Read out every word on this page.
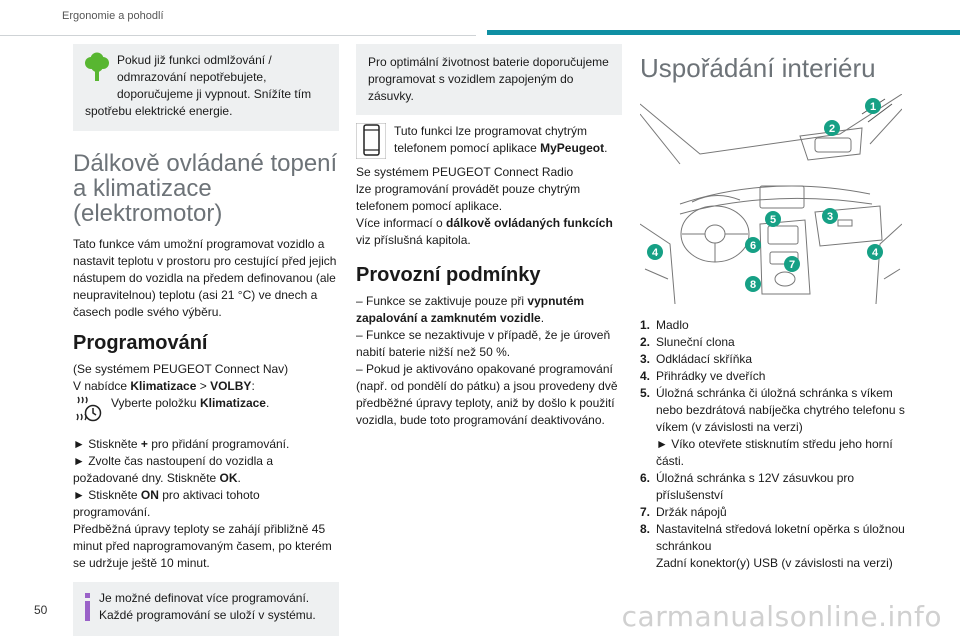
Ergonomie a pohodlí

Pokud již funkci odmlžování / odmrazování nepotřebujete, doporučujeme ji vypnout. Snížíte tím spotřebu elektrické energie.

Dálkově ovládané topení a klimatizace (elektromotor)

Tato funkce vám umožní programovat vozidlo a nastavit teplotu v prostoru pro cestující před jejich nástupem do vozidla na předem definovanou (ale neupravitelnou) teplotu (asi 21 °C) ve dnech a časech podle svého výběru.

Programování

(Se systémem PEUGEOT Connect Nav)

V nabídce Klimatizace > VOLBY:

Vyberte položku Klimatizace.

► Stiskněte + pro přidání programování.

► Zvolte čas nastoupení do vozidla a požadované dny. Stiskněte OK.

► Stiskněte ON pro aktivaci tohoto programování.

Předběžná úpravy teploty se zahájí přibližně 45 minut před naprogramovaným časem, po kterém se udržuje ještě 10 minut.

Je možné definovat více programování. Každé programování se uloží v systému.

Pro optimální životnost baterie doporučujeme programovat s vozidlem zapojeným do zásuvky.

Tuto funkci lze programovat chytrým telefonem pomocí aplikace MyPeugeot.

Se systémem PEUGEOT Connect Radio

lze programování provádět pouze chytrým telefonem pomocí aplikace.

Více informací o dálkově ovládaných funkcích viz příslušná kapitola.

Provozní podmínky

– Funkce se zaktivuje pouze při vypnutém zapalování a zamknutém vozidle.

– Funkce se nezaktivuje v případě, že je úroveň nabití baterie nižší než 50 %.

– Pokud je aktivováno opakované programování (např. od pondělí do pátku) a jsou provedeny dvě předběžné úpravy teploty, aniž by došlo k použití vozidla, bude toto programování deaktivováno.

Uspořádání interiéru
1
2
3
4
5
6
7
8
4
1. Madlo
2. Sluneční clona
3. Odkládací skříňka
4. Přihrádky ve dveřích
5. Úložná schránka či úložná schránka s víkem nebo bezdrátová nabíječka chytrého telefonu s víkem (v závislosti na verzi)
► Víko otevřete stisknutím středu jeho horní části.
6. Úložná schránka s 12V zásuvkou pro příslušenství
7. Držák nápojů
8. Nastavitelná středová loketní opěrka s úložnou schránkou
Zadní konektor(y) USB (v závislosti na verzi)
50	carmanualsonline.info
